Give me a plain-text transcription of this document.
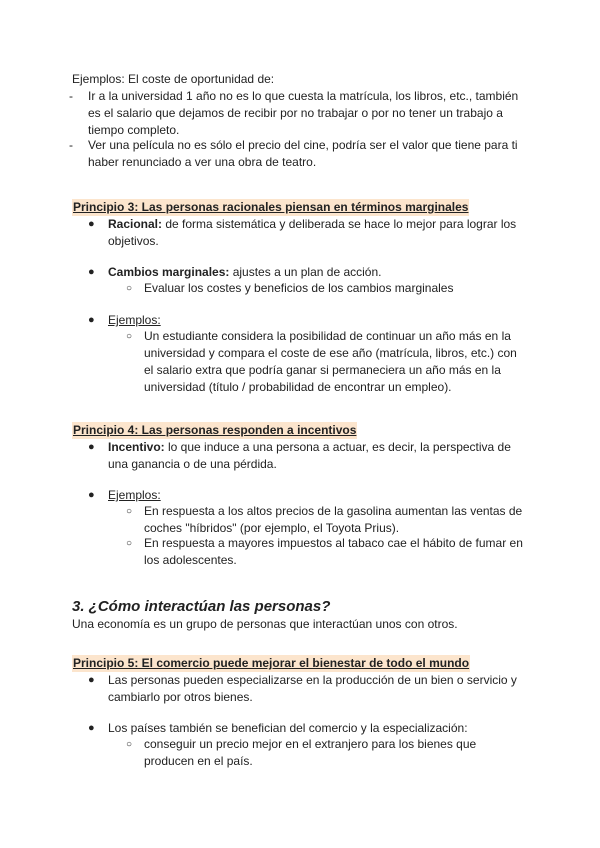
Ejemplos: El coste de oportunidad de:

- Ir a la universidad 1 año no es lo que cuesta la matrícula, los libros, etc., también es el salario que dejamos de recibir por no trabajar o por no tener un trabajo a tiempo completo.
- Ver una película no es sólo el precio del cine, podría ser el valor que tiene para ti haber renunciado a ver una obra de teatro.

Principio 3: Las personas racionales piensan en términos marginales

● Racional: de forma sistemática y deliberada se hace lo mejor para lograr los objetivos.
● Cambios marginales: ajustes a un plan de acción.
○ Evaluar los costes y beneficios de los cambios marginales
● Ejemplos:
○ Un estudiante considera la posibilidad de continuar un año más en la universidad y compara el coste de ese año (matrícula, libros, etc.) con el salario extra que podría ganar si permaneciera un año más en la universidad (título / probabilidad de encontrar un empleo).

Principio 4: Las personas responden a incentivos

● Incentivo: lo que induce a una persona a actuar, es decir, la perspectiva de una ganancia o de una pérdida.
● Ejemplos:
○ En respuesta a los altos precios de la gasolina aumentan las ventas de coches "híbridos" (por ejemplo, el Toyota Prius).
○ En respuesta a mayores impuestos al tabaco cae el hábito de fumar en los adolescentes.

3. ¿Cómo interactúan las personas?

Una economía es un grupo de personas que interactúan unos con otros.

Principio 5: El comercio puede mejorar el bienestar de todo el mundo

● Las personas pueden especializarse en la producción de un bien o servicio y cambiarlo por otros bienes.
● Los países también se benefician del comercio y la especialización:
○ conseguir un precio mejor en el extranjero para los bienes que producen en el país.
